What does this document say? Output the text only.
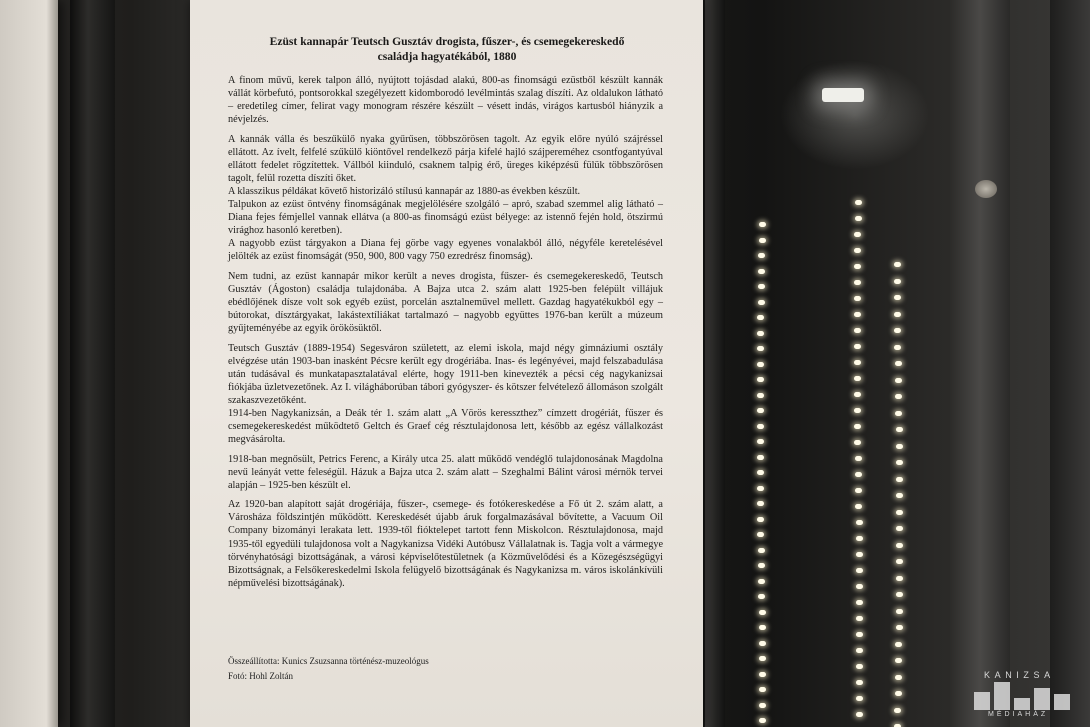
Ezüst kannapár Teutsch Gusztáv drogista, fűszer-, és csemegekereskedő
családja hagyatékából, 1880

A finom művű, kerek talpon álló, nyújtott tojásdad alakú, 800-as finomságú ezüstből készült kannák vállát körbefutó, pontsorokkal szegélyezett kidomborodó levélmintás szalag díszíti. Az oldalukon látható – eredetileg címer, felirat vagy monogram részére készült – vésett indás, virágos kartusból hiányzik a névjelzés.

A kannák válla és beszűkülő nyaka gyűrűsen, többszörösen tagolt. Az egyik előre nyúló szájréssel ellátott. Az ívelt, felfelé szűkülő kiöntővel rendelkező párja kifelé hajló szájpereméhez csontfogantyúval ellátott fedelet rögzítettek. Vállból kiinduló, csaknem talpig érő, üreges kiképzésű fülük többszörösen tagolt, felül rozetta díszíti őket.

A klasszikus példákat követő historizáló stílusú kannapár az 1880-as években készült.

Talpukon az ezüst öntvény finomságának megjelölésére szolgáló – apró, szabad szemmel alig látható – Diana fejes fémjellel vannak ellátva (a 800-as finomságú ezüst bélyege: az istennő fején hold, ötszirmú virághoz hasonló keretben).

A nagyobb ezüst tárgyakon a Diana fej görbe vagy egyenes vonalakból álló, négyféle keretelésével jelölték az ezüst finomságát (950, 900, 800 vagy 750 ezredrész finomság).

Nem tudni, az ezüst kannapár mikor került a neves drogista, fűszer- és csemegekereskedő, Teutsch Gusztáv (Ágoston) családja tulajdonába. A Bajza utca 2. szám alatt 1925-ben felépült villájuk ebédlőjének dísze volt sok egyéb ezüst, porcelán asztalneművel mellett. Gazdag hagyatékukból egy – bútorokat, dísztárgyakat, lakástextíliákat tartalmazó – nagyobb együttes 1976-ban került a múzeum gyűjteményébe az egyik örökösüktől.

Teutsch Gusztáv (1889-1954) Segesváron született, az elemi iskola, majd négy gimnáziumi osztály elvégzése után 1903-ban inasként Pécsre került egy drogériába. Inas- és legényévei, majd felszabadulása után tudásával és munkatapasztalatával elérte, hogy 1911-ben kinevezték a pécsi cég nagykanizsai fiókjába üzletvezetőnek. Az I. világháborúban tábori gyógyszer- és kötszer felvételező állomáson szolgált szakaszvezetőként.

1914-ben Nagykanizsán, a Deák tér 1. szám alatt „A Vörös keresszthez” címzett drogériát, fűszer és csemegekereskedést működtető Geltch és Graef cég résztulajdonosa lett, később az egész vállalkozást megvásárolta.

1918-ban megnősült, Petrics Ferenc, a Király utca 25. alatt működő vendéglő tulajdonosának Magdolna nevű leányát vette feleségül. Házuk a Bajza utca 2. szám alatt – Szeghalmi Bálint városi mérnök tervei alapján – 1925-ben készült el.

Az 1920-ban alapított saját drogériája, fűszer-, csemege- és fotókereskedése a Fő út 2. szám alatt, a Városháza földszintjén működött. Kereskedését újabb áruk forgalmazásával bővítette, a Vacuum Oil Company bizományi lerakata lett. 1939-től fióktelepet tartott fenn Miskolcon. Résztulajdonosa, majd 1935-től egyedüli tulajdonosa volt a Nagykanizsa Vidéki Autóbusz Vállalatnak is. Tagja volt a vármegye törvényhatósági bizottságának, a városi képviselőtestületnek (a Közművelődési és a Közegészségügyi Bizottságnak, a Felsőkereskedelmi Iskola felügyelő bizottságának és Nagykanizsa m. város iskolánkívüli népművelési bizottságának).

Összeállította: Kunics Zsuzsanna történész-muzeológus
Fotó: Hohl Zoltán	KANIZSA
MÉDIAHÁZ
